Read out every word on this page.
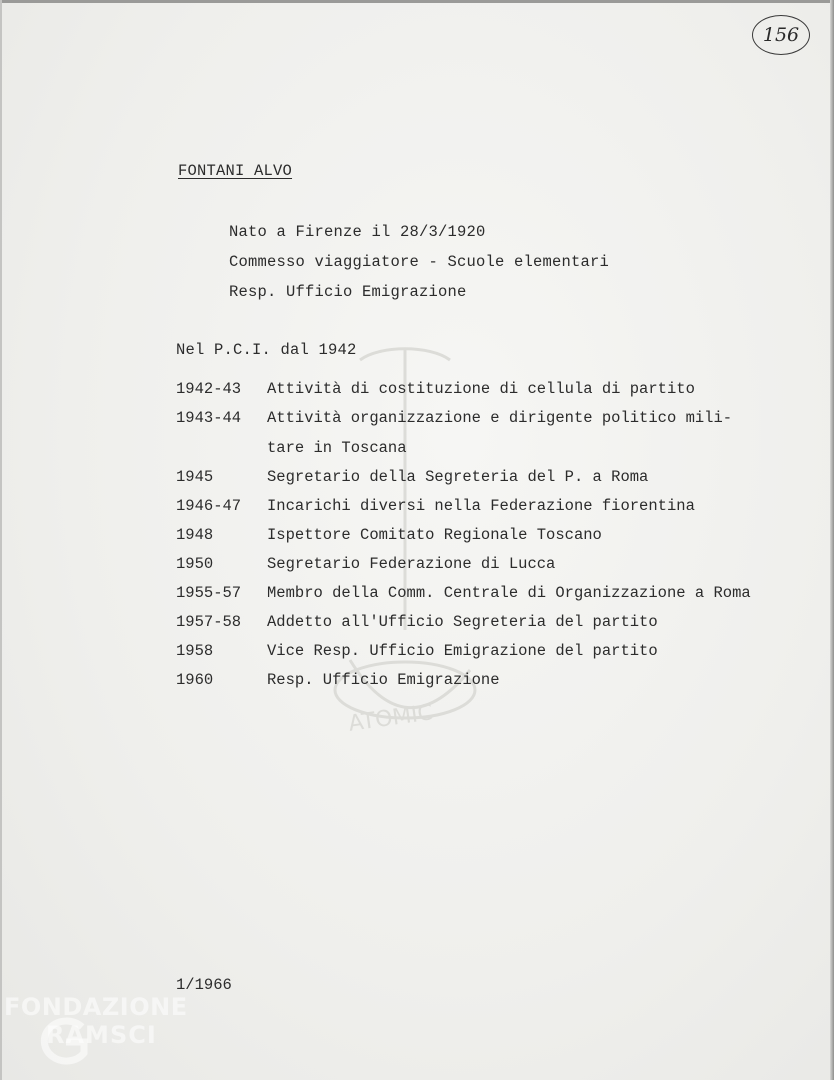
ATOMIC
156
FONTANI ALVO
Nato a Firenze il 28/3/1920
Commesso viaggiatore - Scuole elementari
Resp. Ufficio Emigrazione
Nel P.C.I. dal 1942
1942-43 Attività di costituzione di cellula di partito
1943-44 Attività organizzazione e dirigente politico mili-
tare in Toscana
1945	Segretario della Segreteria del P. a Roma
1946-47 Incarichi diversi nella Federazione fiorentina
1948	Ispettore Comitato Regionale Toscano
1950	Segretario Federazione di Lucca
1955-57 Membro della Comm. Centrale di Organizzazione a Roma
1957-58 Addetto all'Ufficio Segreteria del partito
1958	Vice Resp. Ufficio Emigrazione del partito
1960	Resp. Ufficio Emigrazione
1/1966
FONDAZIONE
RAMSCI
